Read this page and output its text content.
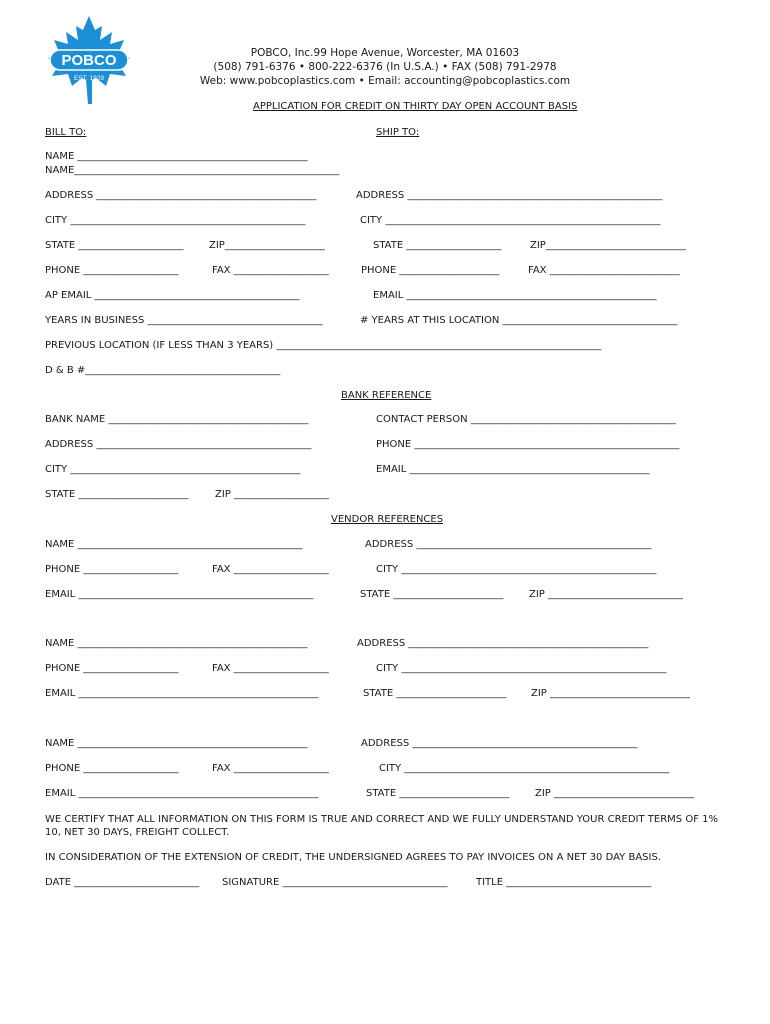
POBCO
EST. 1929
POBCO, Inc.99 Hope Avenue, Worcester, MA 01603
(508) 791-6376 • 800-222-6376 (In U.S.A.) • FAX (508) 791-2978
Web: www.pobcoplastics.com • Email: accounting@pobcoplastics.com
APPLICATION FOR CREDIT ON THIRTY DAY OPEN ACCOUNT BASIS
BILL TO:	SHIP TO:
NAME ______________________________________________
NAME_____________________________________________________
ADDRESS ____________________________________________	ADDRESS ___________________________________________________
CITY _______________________________________________	CITY _______________________________________________________
STATE _____________________	ZIP____________________	STATE ___________________	ZIP____________________________
PHONE ___________________	FAX ___________________	PHONE ____________________	FAX __________________________
AP EMAIL _________________________________________	EMAIL __________________________________________________
YEARS IN BUSINESS ___________________________________	# YEARS AT THIS LOCATION ___________________________________
PREVIOUS LOCATION (IF LESS THAN 3 YEARS) _________________________________________________________________
D & B #_______________________________________
BANK REFERENCE
BANK NAME ________________________________________	CONTACT PERSON _________________________________________
ADDRESS ___________________________________________	PHONE _____________________________________________________
CITY ______________________________________________	EMAIL ________________________________________________
STATE ______________________	ZIP ___________________
VENDOR REFERENCES
NAME _____________________________________________	ADDRESS _______________________________________________
PHONE ___________________	FAX ___________________	CITY ___________________________________________________
EMAIL _______________________________________________	STATE ______________________	ZIP ___________________________
NAME ______________________________________________	ADDRESS ________________________________________________
PHONE ___________________	FAX ___________________	CITY _____________________________________________________
EMAIL ________________________________________________	STATE ______________________ ZIP ____________________________
NAME ______________________________________________	ADDRESS _____________________________________________
PHONE ___________________	FAX ___________________	CITY _____________________________________________________
EMAIL ________________________________________________	STATE ______________________	ZIP ____________________________
WE CERTIFY THAT ALL INFORMATION ON THIS FORM IS TRUE AND CORRECT AND WE FULLY UNDERSTAND YOUR CREDIT TERMS OF 1% 10, NET 30 DAYS, FREIGHT COLLECT.
IN CONSIDERATION OF THE EXTENSION OF CREDIT, THE UNDERSIGNED AGREES TO PAY INVOICES ON A NET 30 DAY BASIS.
DATE _________________________ SIGNATURE _________________________________	TITLE _____________________________
